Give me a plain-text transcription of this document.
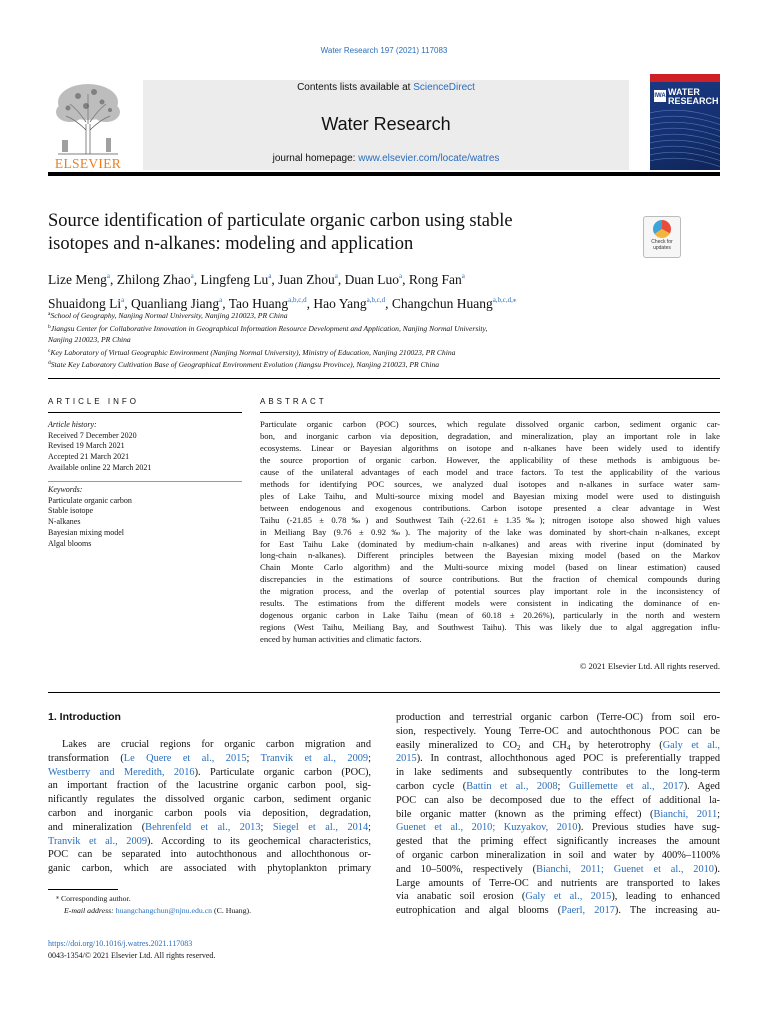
Water Research 197 (2021) 117083
ELSEVIER
Contents lists available at ScienceDirect
Water Research
journal homepage: www.elsevier.com/locate/watres
IWA WATER
RESEARCH
Source identification of particulate organic carbon using stable
isotopes and n-alkanes: modeling and application	Check for
updates
Lize Meng$^a$, Zhilong Zhao$^a$, Lingfeng Lu$^a$, Juan Zhou$^a$, Duan Luo$^a$, Rong Fan$^a$
Shuaidong Li$^a$, Quanliang Jiang$^a$, Tao Huang$^{a,b,c,d}$, Hao Yang$^{a,b,c,d}$, Changchun Huang$^{a,b,c,d,⁎}$
$^a$School of Geography, Nanjing Normal University, Nanjing 210023, PR China
$^b$Jiangsu Center for Collaborative Innovation in Geographical Information Resource Development and Application, Nanjing Normal University,
Nanjing 210023, PR China
$^c$Key Laboratory of Virtual Geographic Environment (Nanjing Normal University), Ministry of Education, Nanjing 210023, PR China
$^d$State Key Laboratory Cultivation Base of Geographical Environment Evolution (Jiangsu Province), Nanjing 210023, PR China
ARTICLE INFO
Article history:
Received 7 December 2020
Revised 19 March 2021
Accepted 21 March 2021
Available online 22 March 2021
Keywords:
Particulate organic carbon
Stable isotope
N-alkanes
Bayesian mixing model
Algal blooms
ABSTRACT
Particulate organic carbon (POC) sources, which regulate dissolved organic carbon, sediment organic car-
bon, and inorganic carbon via deposition, degradation, and mineralization, play an important role in lake
ecosystems. Linear or Bayesian algorithms on isotope and n-alkanes have been widely used to identify
the source proportion of organic carbon. However, the applicability of these methods is ambiguous be-
cause of the unilateral advantages of each model and trace factors. To test the applicability of the various
methods for identifying POC sources, we analyzed dual isotopes and n-alkanes in surface water sam-
ples of Lake Taihu, and Multi-source mixing model and Bayesian mixing model were used to distinguish
between endogenous and exogenous contributions. Carbon isotope presented a clear advantage in West
Taihu (-21.85 ± 0.78‰) and Southwest Taih (-22.61 ± 1.35‰); nitrogen isotope also showed high values
in Meiliang Bay (9.76 ± 0.92‰). The majority of the lake was dominated by short-chain n-alkanes, except
for East Taihu Lake (dominated by medium-chain n-alkanes) and areas with riverine input (dominated by
long-chain n-alkanes). Different principles between the Bayesian mixing model (based on the Markov
Chain Monte Carlo algorithm) and the Multi-source mixing model (based on linear estimation) caused
discrepancies in the estimations of source contributions. But the fraction of chemical compounds during
the migration process, and the overlap of potential sources play important role in the inconsistency of
results. The estimations from the different models were consistent in indicating the dominance of en-
dogenous organic carbon in Lake Taihu (mean of 60.18 ± 20.26%), particularly in the north and western
regions (West Taihu, Meiliang Bay, and Southwest Taihu). This was likely due to algal aggregation influ-
enced by human activities and climatic factors.
© 2021 Elsevier Ltd. All rights reserved.
1. Introduction
Lakes are crucial regions for organic carbon migration and
transformation (Le Quere et al., 2015; Tranvik et al., 2009;
Westberry and Meredith, 2016). Particulate organic carbon (POC),
an important fraction of the lacustrine organic carbon pool, sig-
nificantly regulates the dissolved organic carbon, sediment organic
carbon and inorganic carbon pools via deposition, degradation,
and mineralization (Behrenfeld et al., 2013; Siegel et al., 2014;
Tranvik et al., 2009). According to its geochemical characteristics,
POC can be separated into autochthonous and allochthonous or-
ganic carbon, which are associated with phytoplankton primary
production and terrestrial organic carbon (Terre-OC) from soil ero-
sion, respectively. Young Terre-OC and autochthonous POC can be
easily mineralized to $CO_2$ and $CH_4$ by heterotrophy (Galy et al.,
2015). In contrast, allochthonous aged POC is preferentially trapped
in lake sediments and subsequently contributes to the long-term
carbon cycle (Battin et al., 2008; Guillemette et al., 2017). Aged
POC can also be decomposed due to the effect of additional la-
bile organic matter (known as the priming effect) (Bianchi, 2011;
Guenet et al., 2010; Kuzyakov, 2010). Previous studies have sug-
gested that the priming effect significantly increases the amount
of organic carbon mineralization in soil and water by 400%–1100%
and 10–500%, respectively (Bianchi, 2011; Guenet et al., 2010).
Large amounts of Terre-OC and nutrients are transported to lakes
via anabatic soil erosion (Galy et al., 2015), leading to enhanced
eutrophication and algal blooms (Paerl, 2017). The increasing au-
⁎ Corresponding author.
E-mail address: huangchangchun@njnu.edu.cn (C. Huang).
https://doi.org/10.1016/j.watres.2021.117083
0043-1354/© 2021 Elsevier Ltd. All rights reserved.
